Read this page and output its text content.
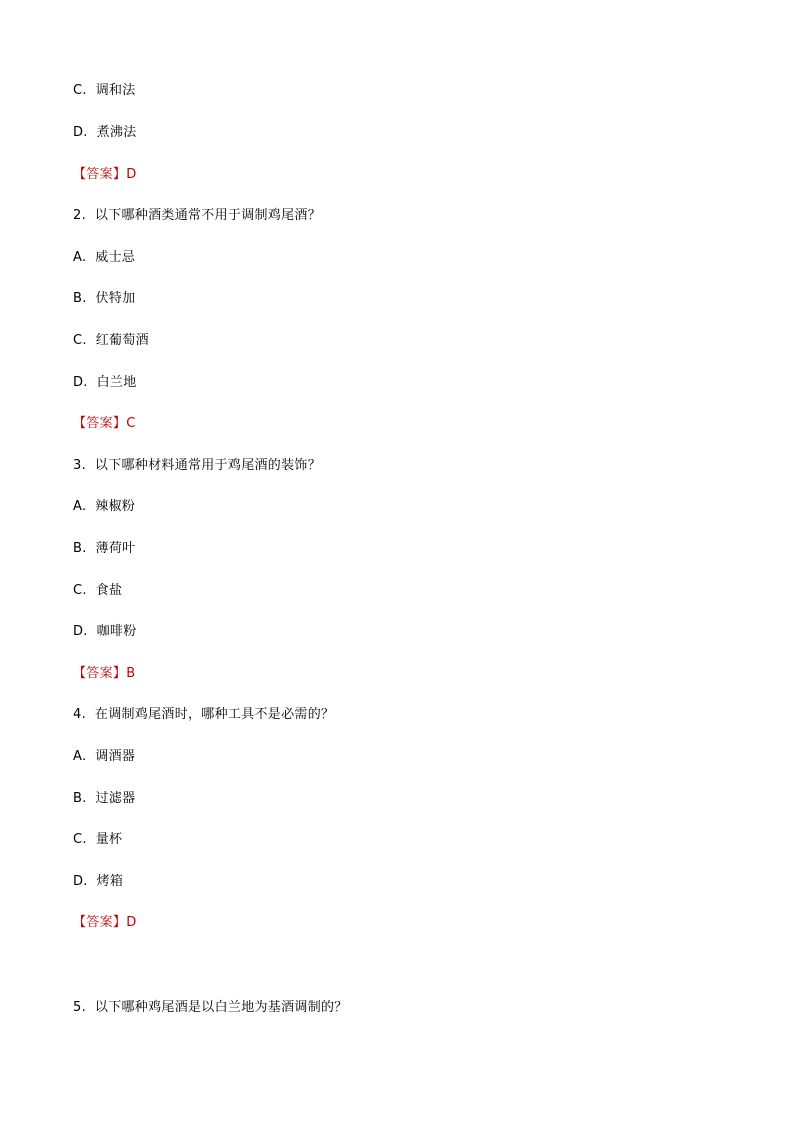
C. 调和法
D. 煮沸法
【答案】D
2. 以下哪种酒类通常不用于调制鸡尾酒？
A. 威士忌
B. 伏特加
C. 红葡萄酒
D. 白兰地
【答案】C
3. 以下哪种材料通常用于鸡尾酒的装饰？
A. 辣椒粉
B. 薄荷叶
C. 食盐
D. 咖啡粉
【答案】B
4. 在调制鸡尾酒时，哪种工具不是必需的？
A. 调酒器
B. 过滤器
C. 量杯
D. 烤箱
【答案】D
5. 以下哪种鸡尾酒是以白兰地为基酒调制的？
